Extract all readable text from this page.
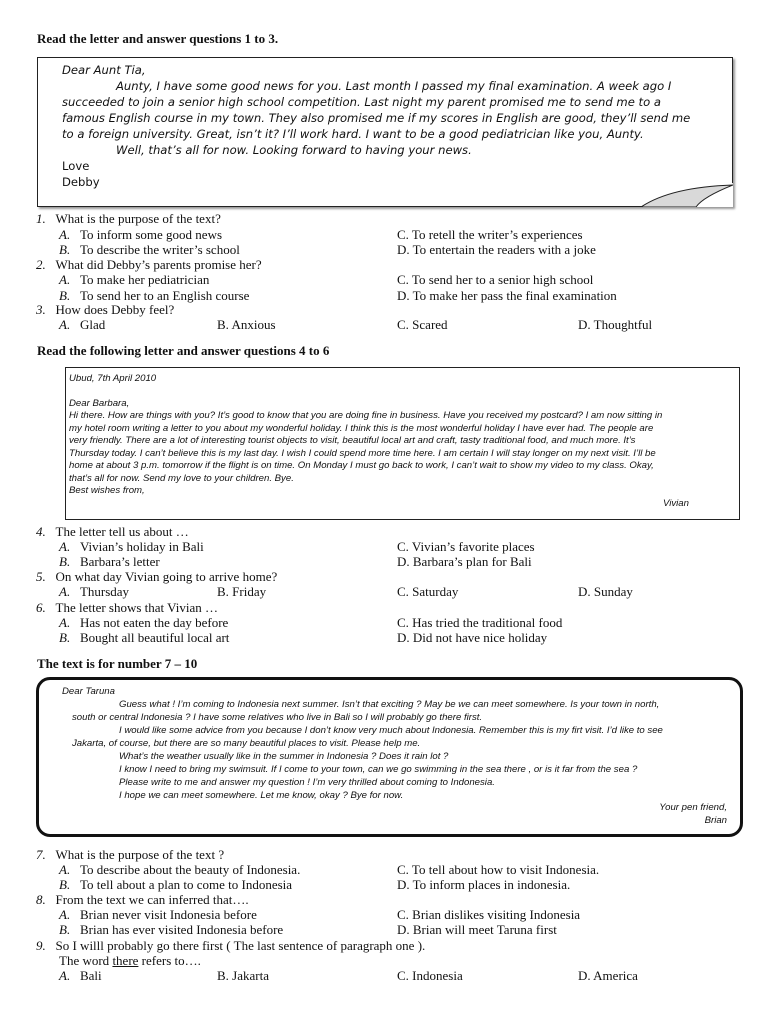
Read the letter and answer questions 1 to 3.
Dear Aunt Tia,
Aunty, I have some good news for you. Last month I passed my final examination. A week ago I
succeeded to join a senior high school competition. Last night my parent promised me to send me to a
famous English course in my town. They also promised me if my scores in English are good, they’ll send me
to a foreign university. Great, isn’t it? I’ll work hard. I want to be a good pediatrician like you, Aunty.
Well, that’s all for now. Looking forward to having your news.
Love
Debby
1. What is the purpose of the text?
A. To inform some good news	C. To retell the writer’s experiences
B. To describe the writer’s school	D. To entertain the readers with a joke
2. What did Debby’s parents promise her?
A. To make her pediatrician	C. To send her to a senior high school
B. To send her to an English course	D. To make her pass the final examination
3. How does Debby feel?
A. Glad	B. Anxious	C. Scared	D. Thoughtful
Read the following letter and answer questions 4 to 6
Ubud, 7th April 2010
Dear Barbara,
Hi there. How are things with you? It’s good to know that you are doing fine in business. Have you received my postcard? I am now sitting in
my hotel room writing a letter to you about my wonderful holiday. I think this is the most wonderful holiday I have ever had. The people are
very friendly. There are a lot of interesting tourist objects to visit, beautiful local art and craft, tasty traditional food, and much more. It’s
Thursday today. I can’t believe this is my last day. I wish I could spend more time here. I am certain I will stay longer on my next visit. I’ll be
home at about 3 p.m. tomorrow if the flight is on time. On Monday I must go back to work, I can’t wait to show my video to my class. Okay,
that’s all for now. Send my love to your children. Bye.
Best wishes from,
Vivian
4. The letter tell us about …
A. Vivian’s holiday in Bali	C. Vivian’s favorite places
B. Barbara’s letter	D. Barbara’s plan for Bali
5. On what day Vivian going to arrive home?
A. Thursday	B. Friday	C. Saturday	D. Sunday
6. The letter shows that Vivian …
A. Has not eaten the day before	C. Has tried the traditional food
B. Bought all beautiful local art	D. Did not have nice holiday
The text is for number 7 – 10
Dear Taruna
Guess what ! I’m coming to Indonesia next summer. Isn’t that exciting ? May be we can meet somewhere. Is your town in north,
south or central Indonesia ? I have some relatives who live in Bali so I will probably go there first.
I would like some advice from you because I don’t know very much about Indonesia. Remember this is my firt visit. I’d like to see
Jakarta, of course, but there are so many beautiful places to visit. Please help me.
What’s the weather usually like in the summer in Indonesia ? Does it rain lot ?
I know I need to bring my swimsuit. If I come to your town, can we go swimming in the sea there , or is it far from the sea ?
Please write to me and answer my question ! I’m very thrilled about coming to Indonesia.
I hope we can meet somewhere. Let me know, okay ? Bye for now.
Your pen friend,
Brian
7. What is the purpose of the text ?
A. To describe about the beauty of Indonesia.	C. To tell about how to visit Indonesia.
B. To tell about a plan to come to Indonesia	D. To inform places in indonesia.
8. From the text we can inferred that….
A. Brian never visit Indonesia before	C. Brian dislikes visiting Indonesia
B. Brian has ever visited Indonesia before	D. Brian will meet Taruna first
9. So I willl probably go there first ( The last sentence of paragraph one ).
The word there refers to….
A. Bali	B. Jakarta	C. Indonesia	D. America
